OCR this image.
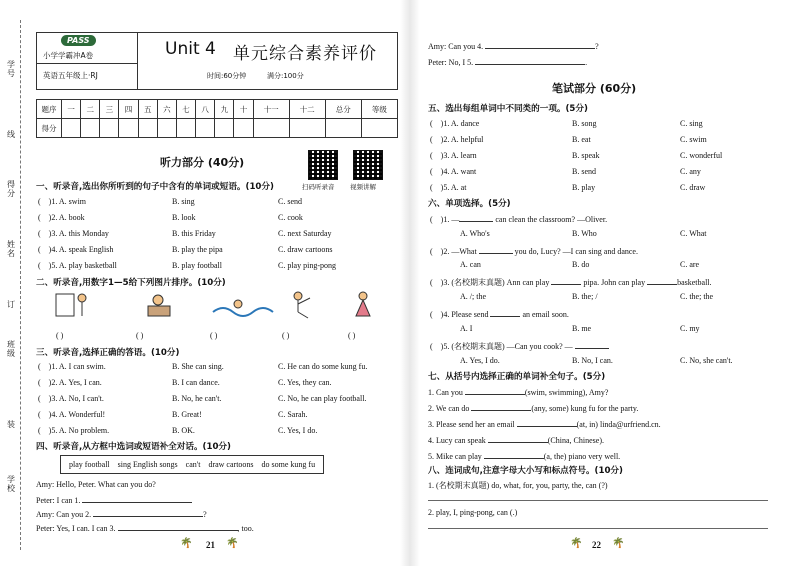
学号
线
得分
姓名
订
班级
装
学校
PASS
小学学霸冲A卷
英语五年级上·RJ
Unit 4 单元综合素养评价
时间:60分钟	满分:100分
题序	一	二	三	四	五	六	七	八	九	十	十一	十二	总分	等级
得分														
听力部分 (40分)
扫码听录音 视频讲解
一、听录音,选出你所听到的句子中含有的单词或短语。(10分)
( )1. A. swim	B. sing	C. send
( )2. A. book	B. look	C. cook
( )3. A. this Monday	B. this Friday	C. next Saturday
( )4. A. speak English	B. play the pipa	C. draw cartoons
( )5. A. play basketball	B. play football	C. play ping-pong
二、听录音,用数字1—5给下列图片排序。(10分)
( )	( )	( )	( )	( )
三、听录音,选择正确的答语。(10分)
( )1. A. I can swim.	B. She can sing.	C. He can do some kung fu.
( )2. A. Yes, I can.	B. I can dance.	C. Yes, they can.
( )3. A. No, I can't.	B. No, he can't.	C. No, he can play football.
( )4. A. Wonderful!	B. Great!	C. Sarah.
( )5. A. No problem.	B. OK.	C. Yes, I do.
四、听录音,从方框中选词或短语补全对话。(10分)
play football sing English songs can't draw cartoons do some kung fu
Amy: Hello, Peter. What can you do?
Peter: I can 1.
Amy: Can you 2.	?
Peter: Yes, I can. I can 3.	, too.
🌴 21 🌴
Amy: Can you 4.	?
Peter: No, I 5.	.
笔试部分 (60分)
五、选出每组单词中不同类的一项。(5分)
( )1. A. dance	B. song	C. sing
( )2. A. helpful	B. eat	C. swim
( )3. A. learn	B. speak	C. wonderful
( )4. A. want	B. send	C. any
( )5. A. at	B. play	C. draw
六、单项选择。(5分)
( )1. —	can clean the classroom? —Oliver.
A. Who's	B. Who	C. What
( )2. —What	you do, Lucy? —I can sing and dance.
A. can	B. do	C. are
( )3. (名校期末真题) Ann can play	pipa. John can play	basketball.
A. /; the	B. the; /	C. the; the
( )4. Please send	an email soon.
A. I	B. me	C. my
( )5. (名校期末真题) —Can you cook? —
A. Yes, I do.	B. No, I can.	C. No, she can't.
七、从括号内选择正确的单词补全句子。(5分)
1. Can you	(swim, swimming), Amy?
2. We can do	(any, some) kung fu for the party.
3. Please send her an email	(at, in) linda@urfriend.cn.
4. Lucy can speak	(China, Chinese).
5. Mike can play	(a, the) piano very well.
八、连词成句,注意字母大小写和标点符号。(10分)
1. (名校期末真题) do, what, for, you, party, the, can (?)
2. play, I, ping-pong, can (.)
🌴 22 🌴
